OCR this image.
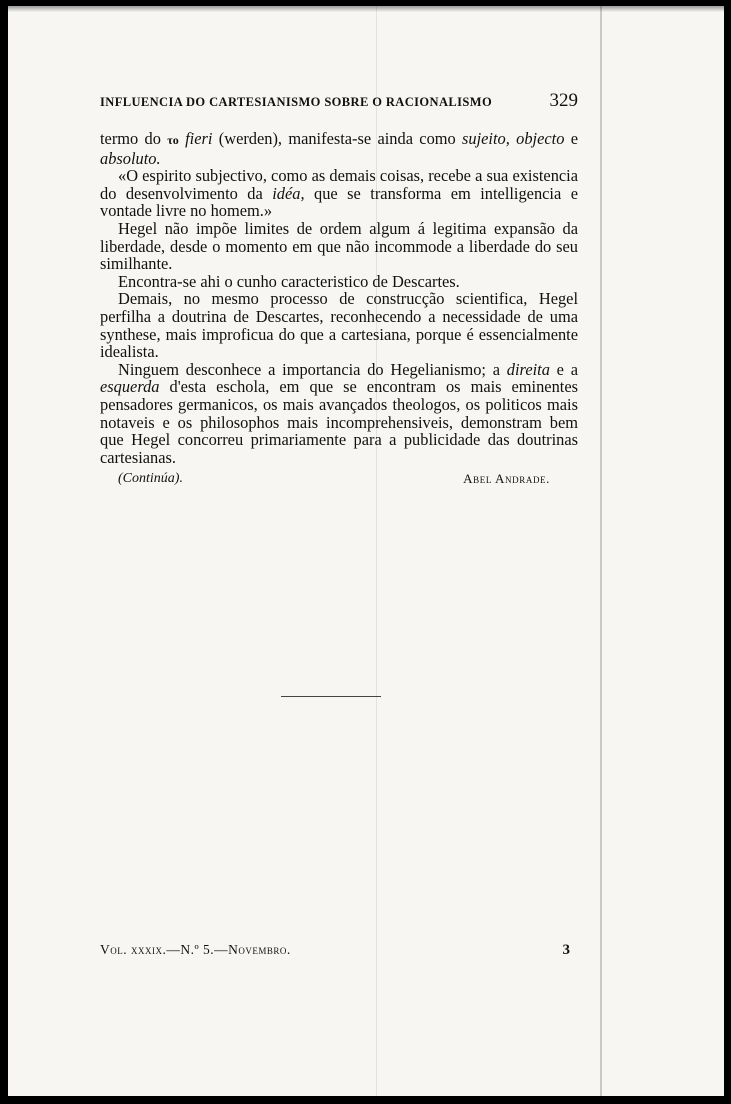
INFLUENCIA DO CARTESIANISMO SOBRE O RACIONALISMO	329

termo do το fieri (werden), manifesta-se ainda como sujeito, objecto e absoluto.

«O espirito subjectivo, como as demais coisas, recebe a sua existencia do desenvolvimento da idéa, que se transforma em intelligencia e vontade livre no homem.»

Hegel não impõe limites de ordem algum á legitima expansão da liberdade, desde o momento em que não incommode a liberdade do seu similhante.

Encontra-se ahi o cunho caracteristico de Descartes.

Demais, no mesmo processo de construcção scientifica, Hegel perfilha a doutrina de Descartes, reconhecendo a necessidade de uma synthese, mais improficua do que a cartesiana, porque é essencialmente idealista.

Ninguem desconhece a importancia do Hegelianismo; a direita e a esquerda d'esta eschola, em que se encontram os mais eminentes pensadores germanicos, os mais avançados theologos, os politicos mais notaveis e os philosophos mais incomprehensiveis, demonstram bem que Hegel concorreu primariamente para a publicidade das doutrinas cartesianas.

(Continúa).	Abel Andrade.
Vol. xxxix.—N.º 5.—Novembro.	3
